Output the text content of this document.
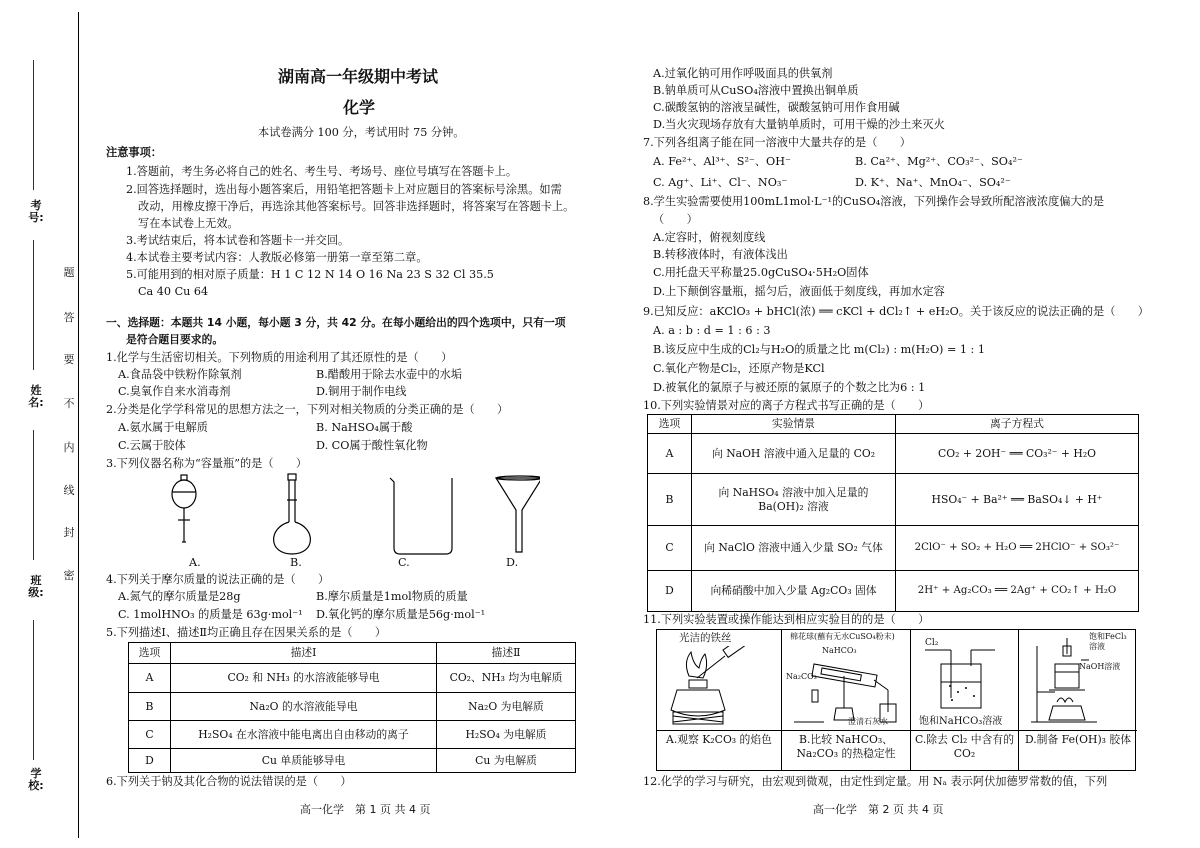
考号:
姓名:
班级:
学校:
题
答
要
不
内
线
封
密
湖南高一年级期中考试
化学
本试卷满分 100 分，考试用时 75 分钟。
注意事项：
1.答题前，考生务必将自己的姓名、考生号、考场号、座位号填写在答题卡上。
2.回答选择题时，选出每小题答案后，用铅笔把答题卡上对应题目的答案标号涂黑。如需
改动，用橡皮擦干净后，再选涂其他答案标号。回答非选择题时，将答案写在答题卡上。
写在本试卷上无效。
3.考试结束后，将本试卷和答题卡一并交回。
4.本试卷主要考试内容：人教版必修第一册第一章至第二章。
5.可能用到的相对原子质量：H 1 C 12 N 14 O 16 Na 23 S 32 Cl 35.5
Ca 40 Cu 64
一、选择题：本题共 14 小题，每小题 3 分，共 42 分。在每小题给出的四个选项中，只有一项
是符合题目要求的。
1.化学与生活密切相关。下列物质的用途利用了其还原性的是（　　）
A.食品袋中铁粉作除氧剂	B.醋酸用于除去水壶中的水垢
C.臭氧作自来水消毒剂	D.铜用于制作电线
2.分类是化学学科常见的思想方法之一，下列对相关物质的分类正确的是（　　）
A.氨水属于电解质	B. NaHSO₄属于酸
C.云属于胶体	D. CO属于酸性氧化物
3.下列仪器名称为“容量瓶”的是（　　）
A.	B.	C.	D.
4.下列关于摩尔质量的说法正确的是（　　）
A.氮气的摩尔质量是28g	B.摩尔质量是1mol物质的质量
C. 1molHNO₃ 的质量是 63g·mol⁻¹ D.氧化钙的摩尔质量是56g·mol⁻¹
5.下列描述Ⅰ、描述Ⅱ均正确且存在因果关系的是（　　）
选项	描述Ⅰ	描述Ⅱ
A	CO₂ 和 NH₃ 的水溶液能够导电	CO₂、NH₃ 均为电解质
B	Na₂O 的水溶液能导电	Na₂O 为电解质
C	H₂SO₄ 在水溶液中能电离出自由移动的离子	H₂SO₄ 为电解质
D	Cu 单质能够导电	Cu 为电解质
6.下列关于钠及其化合物的说法错误的是（　　）
高一化学　第 1 页 共 4 页
A.过氧化钠可用作呼吸面具的供氧剂
B.钠单质可从CuSO₄溶液中置换出铜单质
C.碳酸氢钠的溶液呈碱性，碳酸氢钠可用作食用碱
D.当火灾现场存放有大量钠单质时，可用干燥的沙土来灭火
7.下列各组离子能在同一溶液中大量共存的是（　　）
A. Fe²⁺、Al³⁺、S²⁻、OH⁻	B. Ca²⁺、Mg²⁺、CO₃²⁻、SO₄²⁻
C. Ag⁺、Li⁺、Cl⁻、NO₃⁻	D. K⁺、Na⁺、MnO₄⁻、SO₄²⁻
8.学生实验需要使用100mL1mol·L⁻¹的CuSO₄溶液，下列操作会导致所配溶液浓度偏大的是
（　　）
A.定容时，俯视刻度线
B.转移液体时，有液体浅出
C.用托盘天平称量25.0gCuSO₄·5H₂O固体
D.上下颠倒容量瓶，摇匀后，液面低于刻度线，再加水定容
9.已知反应：aKClO₃ + bHCl(浓) ══ cKCl + dCl₂↑ + eH₂O。关于该反应的说法正确的是（　　）
A. a : b : d = 1 : 6 : 3
B.该反应中生成的Cl₂与H₂O的质量之比 m(Cl₂) : m(H₂O) = 1 : 1
C.氧化产物是Cl₂，还原产物是KCl
D.被氧化的氯原子与被还原的氯原子的个数之比为6 : 1
10.下列实验情景对应的离子方程式书写正确的是（　　）
选项	实验情景	离子方程式
A	向 NaOH 溶液中通入足量的 CO₂	CO₂ + 2OH⁻ ══ CO₃²⁻ + H₂O
B	向 NaHSO₄ 溶液中加入足量的 Ba(OH)₂ 溶液	HSO₄⁻ + Ba²⁺ ══ BaSO₄↓ + H⁺
C	向 NaClO 溶液中通入少量 SO₂ 气体	2ClO⁻ + SO₂ + H₂O ══ 2HClO⁻ + SO₃²⁻
D	向稀硝酸中加入少量 Ag₂CO₃ 固体	2H⁺ + Ag₂CO₃ ══ 2Ag⁺ + CO₂↑ + H₂O
11.下列实验装置或操作能达到相应实验目的的是（　　）
光洁的铁丝
A.观察 K₂CO₃ 的焰色
棉花球(蘸有无水CuSO₄粉末)
NaHCO₃
Na₂CO₃
澄清石灰水
B.比较 NaHCO₃、Na₂CO₃ 的热稳定性
Cl₂
饱和NaHCO₃溶液
C.除去 Cl₂ 中含有的 CO₂
饱和FeCl₃
溶液
NaOH溶液
D.制备 Fe(OH)₃ 胶体
12.化学的学习与研究，由宏观到微观，由定性到定量。用 Nₐ 表示阿伏加德罗常数的值，下列
高一化学　第 2 页 共 4 页
